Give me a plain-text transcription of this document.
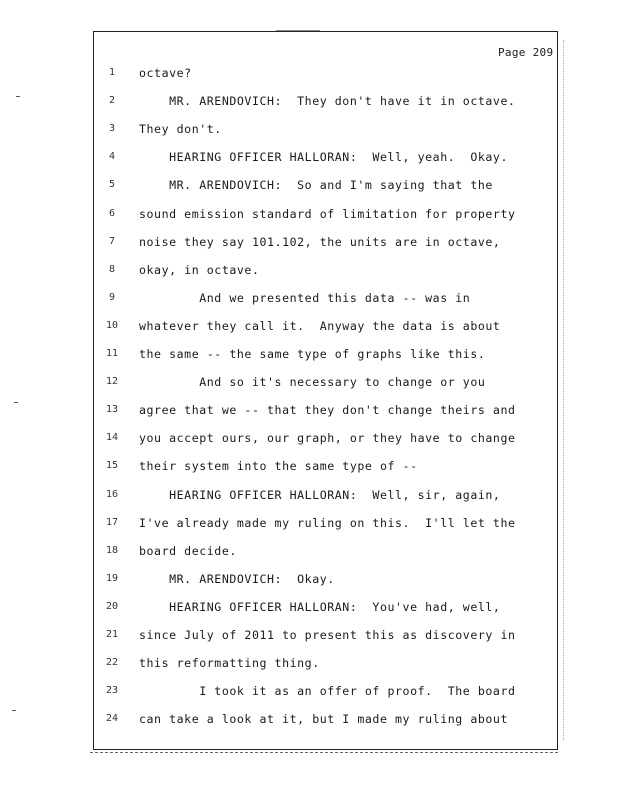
Page 209
1	octave?
2	MR. ARENDOVICH:  They don't have it in octave.
3	They don't.
4	HEARING OFFICER HALLORAN:  Well, yeah.  Okay.
5	MR. ARENDOVICH:  So and I'm saying that the
6	sound emission standard of limitation for property
7	noise they say 101.102, the units are in octave,
8	okay, in octave.
9	And we presented this data -- was in
10	whatever they call it.  Anyway the data is about
11	the same -- the same type of graphs like this.
12	And so it's necessary to change or you
13	agree that we -- that they don't change theirs and
14	you accept ours, our graph, or they have to change
15	their system into the same type of --
16	HEARING OFFICER HALLORAN:  Well, sir, again,
17	I've already made my ruling on this.  I'll let the
18	board decide.
19	MR. ARENDOVICH:  Okay.
20	HEARING OFFICER HALLORAN:  You've had, well,
21	since July of 2011 to present this as discovery in
22	this reformatting thing.
23	I took it as an offer of proof.  The board
24	can take a look at it, but I made my ruling about
